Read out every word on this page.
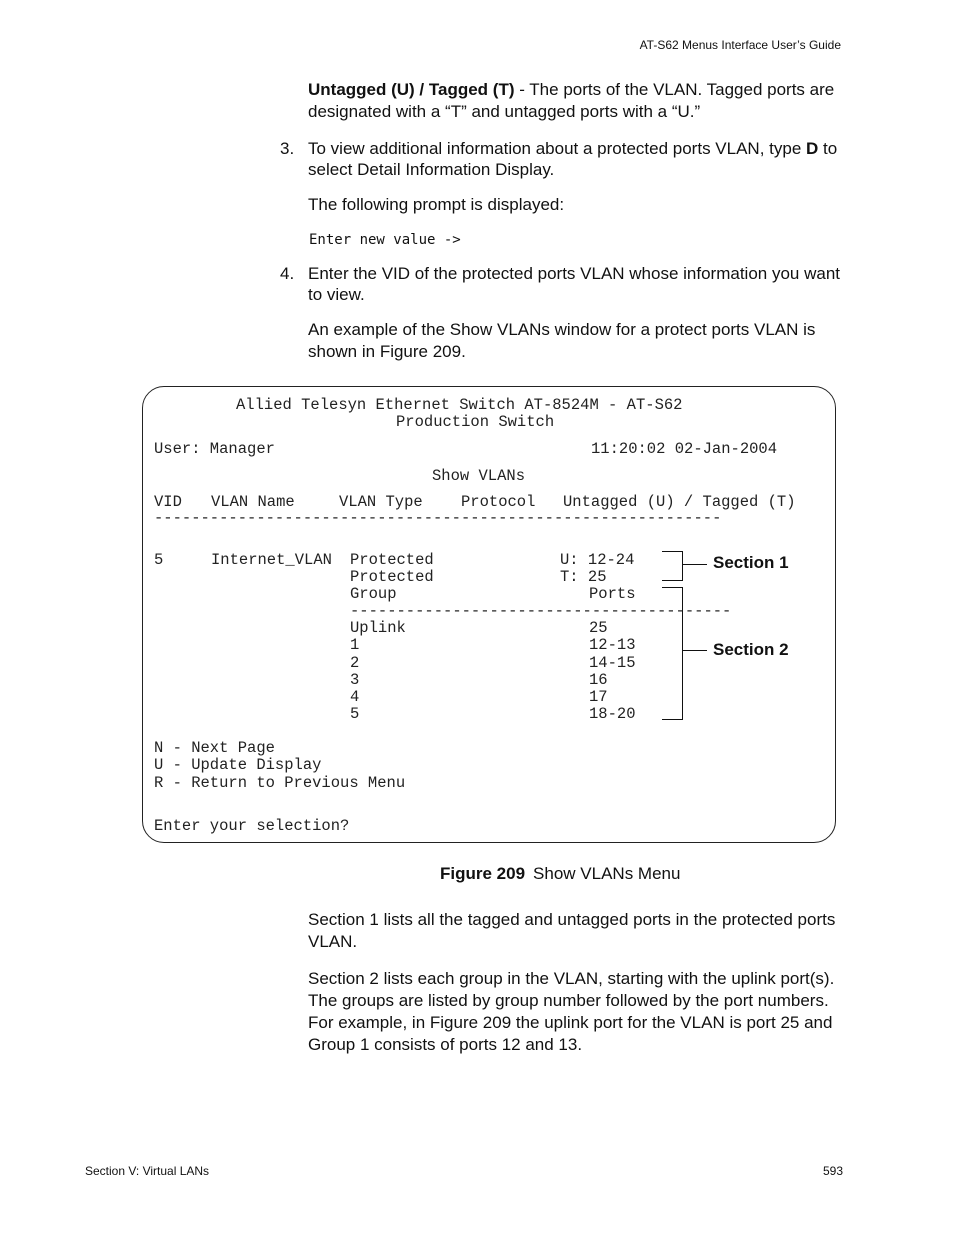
AT-S62 Menus Interface User’s Guide
Untagged (U) / Tagged (T) - The ports of the VLAN. Tagged ports are designated with a “T” and untagged ports with a “U.”
3. To view additional information about a protected ports VLAN, type D to select Detail Information Display.
The following prompt is displayed:
Enter new value ->
4. Enter the VID of the protected ports VLAN whose information you want to view.
An example of the Show VLANs window for a protect ports VLAN is shown in Figure 209.
Allied Telesyn Ethernet Switch AT-8524M - AT-S62
Production Switch
User: Manager	11:20:02 02-Jan-2004
Show VLANs
VID VLAN Name	VLAN Type Protocol Untagged (U) / Tagged (T)
-------------------------------------------------------------
5	Internet_VLAN Protected	U: 12-24
Protected	T: 25
Group	Ports
-----------------------------------------
Uplink	25
1	12-13
2	14-15
3	16
4	17
5	18-20
N - Next Page
U - Update Display
R - Return to Previous Menu
Enter your selection?
Section 1
Section 2
Figure 209 Show VLANs Menu
Section 1 lists all the tagged and untagged ports in the protected ports VLAN.
Section 2 lists each group in the VLAN, starting with the uplink port(s). The groups are listed by group number followed by the port numbers. For example, in Figure 209 the uplink port for the VLAN is port 25 and Group 1 consists of ports 12 and 13.
Section V: Virtual LANs	593
